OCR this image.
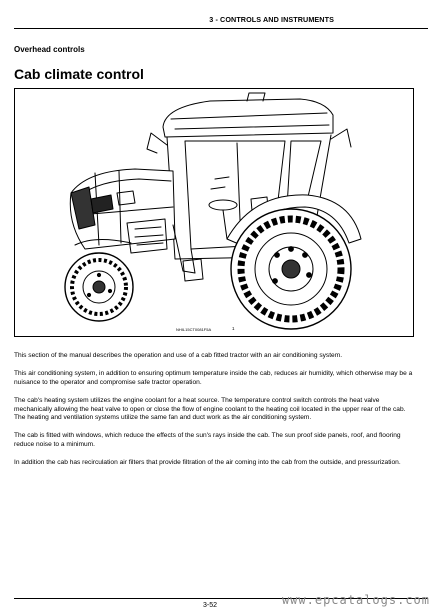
3 - CONTROLS AND INSTRUMENTS
Overhead controls
Cab climate control
NHIL15CT0081F5A	1

This section of the manual describes the operation and use of a cab fitted tractor with an air conditioning system.

This air conditioning system, in addition to ensuring optimum temperature inside the cab, reduces air humidity, which otherwise may be a nuisance to the operator and compromise safe tractor operation.

The cab's heating system utilizes the engine coolant for a heat source. The temperature control switch controls the heat valve mechanically allowing the heat valve to open or close the flow of engine coolant to the heating coil located in the upper rear of the cab. The heating and ventilation systems utilize the same fan and duct work as the air conditioning system.

The cab is fitted with windows, which reduce the effects of the sun's rays inside the cab. The sun proof side panels, roof, and flooring reduce noise to a minimum.

In addition the cab has recirculation air filters that provide filtration of the air coming into the cab from the outside, and pressurization.

3-52	www.epcatalogs.com
